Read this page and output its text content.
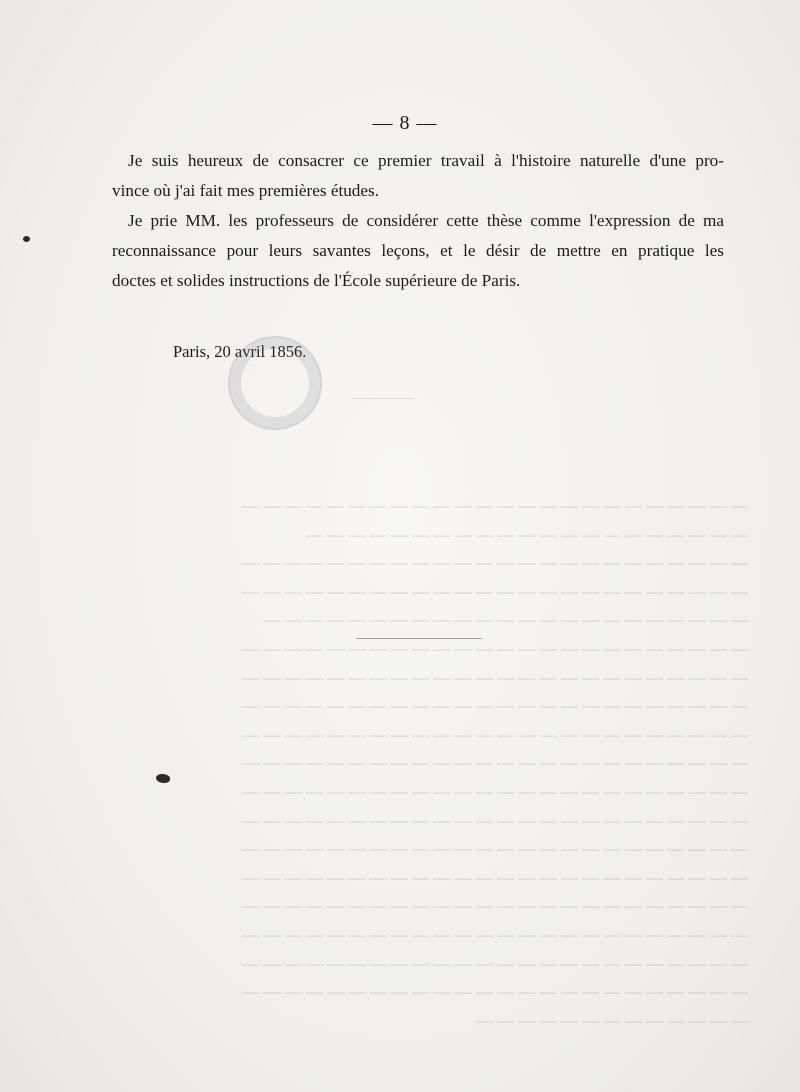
— 8 —

Je suis heureux de consacrer ce premier travail à l'histoire naturelle d'une pro-
vince où j'ai fait mes premières études.

Je prie MM. les professeurs de considérer cette thèse comme l'expression de ma
reconnaissance pour leurs savantes leçons, et le désir de mettre en pratique les
doctes et solides instructions de l'École supérieure de Paris.

Paris, 20 avril 1856.
— — — — — — — — — — — — — — — — — — — — — — — —
— — — — — — — — — — — — — — — — — — — — —
— — — — — — — — — — — — — — — — — — — — — — — —
— — — — — — — — — — — — — — — — — — — — — — — —
— — — — — — — — — — — — — — — — — — — — — — —
— — — — — — — — — — — — — — — — — — — — — — — —
— — — — — — — — — — — — — — — — — — — — — — — —
— — — — — — — — — — — — — — — — — — — — — — — —
— — — — — — — — — — — — — — — — — — — — — — — —
— — — — — — — — — — — — — — — — — — — — — — — —
— — — — — — — — — — — — — — — — — — — — — — — —
— — — — — — — — — — — — — — — — — — — — — — — —
— — — — — — — — — — — — — — — — — — — — — — — —
— — — — — — — — — — — — — — — — — — — — — — — —
— — — — — — — — — — — — — — — — — — — — — — — —
— — — — — — — — — — — — — — — — — — — — — — — —
— — — — — — — — — — — — — — — — — — — — — — — —
— — — — — — — — — — — — — — — — — — — — — — — —
— — — — — — — — — — — — —
